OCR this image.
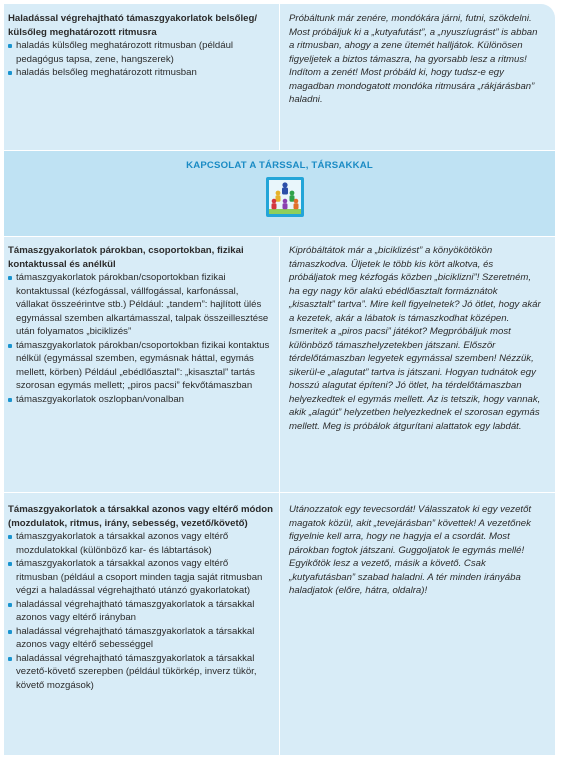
Haladással végrehajtható támaszgyakorlatok belsőleg/ külsőleg meghatározott ritmusra

haladás külsőleg meghatározott ritmusban (például pedagógus tapsa, zene, hangszerek)
haladás belsőleg meghatározott ritmusban

Próbáltunk már zenére, mondókára járni, futni, szökdelni. Most próbáljuk ki a „kutyafutást”, a „nyuszíugrást” is abban a ritmusban, ahogy a zene ütemét halljátok. Különösen figyeljetek a biztos támaszra, ha gyorsabb lesz a ritmus! Indítom a zenét! Most próbáld ki, hogy tudsz-e egy magadban mondogatott mondóka ritmusára „rákjárásban” haladni.

KAPCSOLAT A TÁRSSAL, TÁRSAKKAL

Támaszgyakorlatok párokban, csoportokban, fizikai kontaktussal és anélkül

támaszgyakorlatok párokban/csoportokban fizikai kontaktussal (kézfogással, vállfogással, karfonással, vállakat összeérintve stb.) Például: „tandem”: hajlított ülés egymással szemben alkartámasszal, talpak összeillesztése után folyamatos „biciklizés”
támaszgyakorlatok párokban/csoportokban fizikai kontaktus nélkül (egymással szemben, egymásnak háttal, egymás mellett, körben) Például „ebédlőasztal”: „kisasztal” tartás szorosan egymás mellett; „piros pacsi” fekvőtámaszban
támaszgyakorlatok oszlopban/vonalban

Kipróbáltátok már a „biciklizést” a könyökötökön támaszkodva. Üljetek le több kis kört alkotva, és próbáljatok meg kézfogás közben „biciklizni”! Szeretném, ha egy nagy kör alakú ebédlőasztalt formáznátok „kisasztalt” tartva”. Mire kell figyelnetek? Jó ötlet, hogy akár a kezetek, akár a lábatok is támaszkodhat középen. Ismeritek a „piros pacsi” játékot? Megpróbáljuk most különböző támaszhelyzetekben játszani. Először térdelőtámaszban legyetek egymással szemben! Nézzük, sikerül-e „alagutat” tartva is játszani. Hogyan tudnátok egy hosszú alagutat építeni? Jó ötlet, ha térdelőtámaszban helyezkedtek el egymás mellett. Az is tetszik, hogy vannak, akik „alagút” helyzetben helyezkednek el szorosan egymás mellett. Meg is próbálok átgurítani alattatok egy labdát.

Támaszgyakorlatok a társakkal azonos vagy eltérő módon (mozdulatok, ritmus, irány, sebesség, vezető/követő)

támaszgyakorlatok a társakkal azonos vagy eltérő mozdulatokkal (különböző kar- és lábtartások)
támaszgyakorlatok a társakkal azonos vagy eltérő ritmusban (például a csoport minden tagja saját ritmusban végzi a haladással végrehajtható utánzó gyakorlatokat)
haladással végrehajtható támaszgyakorlatok a társakkal azonos vagy eltérő irányban
haladással végrehajtható támaszgyakorlatok a társakkal azonos vagy eltérő sebességgel
haladással végrehajtható támaszgyakorlatok a társakkal vezető-követő szerepben (például tükörkép, inverz tükör, követő mozgások)

Utánozzatok egy tevecsordát! Válasszatok ki egy vezetőt magatok közül, akit „tevejárásban” követtek! A vezetőnek figyelnie kell arra, hogy ne hagyja el a csordát. Most párokban fogtok játszani. Guggoljatok le egymás mellé! Egyikőtök lesz a vezető, másik a követő. Csak „kutyafutásban” szabad haladni. A tér minden irányába haladjatok (előre, hátra, oldalra)!
